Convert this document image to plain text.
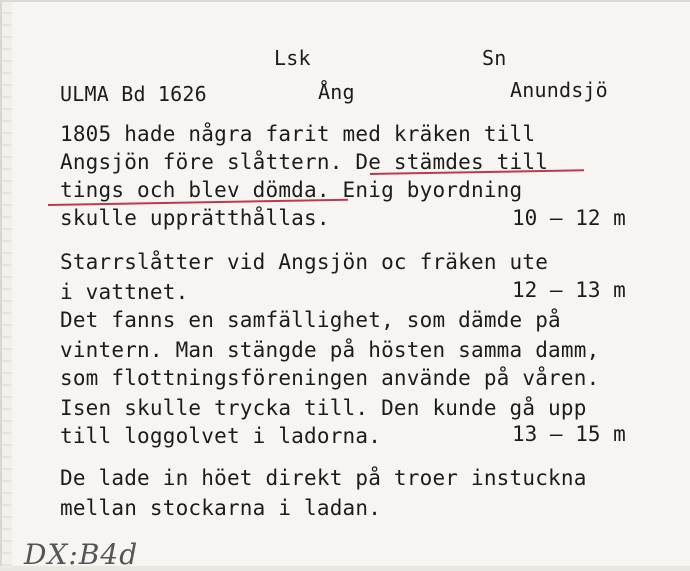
Lsk	Sn
ULMA Bd 1626	Ång	Anundsjö
1805 hade några farit med kräken till
Angsjön före slåttern. De stämdes till
tings och blev dömda. Enig byordning
skulle upprätthållas.	10 – 12 m
Starrslåtter vid Angsjön oc fräken ute
i vattnet.	12 – 13 m
Det fanns en samfällighet, som dämde på
vintern. Man stängde på hösten samma damm,
som flottningsföreningen använde på våren.
Isen skulle trycka till. Den kunde gå upp
till loggolvet i ladorna.	13 – 15 m
De lade in höet direkt på troer instuckna
mellan stockarna i ladan.
DX:B4d
